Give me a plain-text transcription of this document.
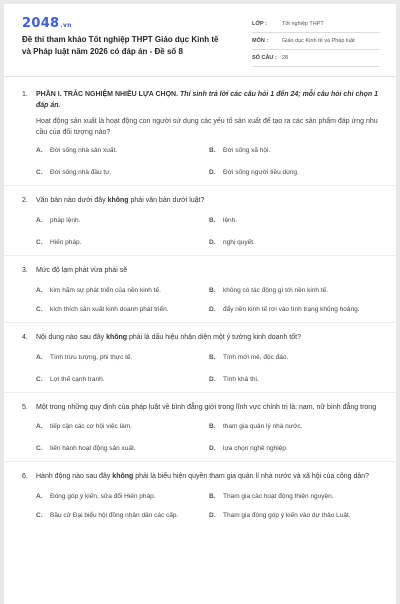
2048.vn
Đề thi tham khảo Tốt nghiệp THPT Giáo dục Kinh tế và Pháp luật năm 2026 có đáp án - Đề số 8
LỚP :	Tốt nghiệp THPT
MÔN :	Giáo dục Kinh tế và Pháp luật
SỐ CÂU : 28
1.	PHẦN I. TRẮC NGHIỆM NHIỀU LỰA CHỌN. Thí sinh trả lời các câu hỏi 1 đến 24; mỗi câu hỏi chỉ chọn 1 đáp án.
Hoạt động sản xuất là hoạt động con người sử dụng các yếu tố sản xuất để tạo ra các sản phẩm đáp ứng nhu cầu của đối tượng nào?
A.	Đời sống nhà sản xuất.	B.	Đời sống xã hội.
C.	Đời sống nhà đầu tư.	D.	Đời sống người tiêu dùng.
2.	Văn bản nào dưới đây không phải văn bản dưới luật?
A.	pháp lệnh.	B.	lệnh.
C.	Hiến pháp.	D.	nghị quyết.
3.	Mức độ lạm phát vừa phải sẽ
A.	kìm hãm sự phát triển của nền kinh tế.	B.	không có tác động gì tới nền kinh tế.
C.	kích thích sản xuất kinh doanh phát triển.	D.	đẩy nền kinh tế rơi vào tình trạng khủng hoảng.
4.	Nội dung nào sau đây không phải là dấu hiệu nhận diện một ý tưởng kinh doanh tốt?
A.	Tính trừu tượng, phi thực tế.	B.	Tính mới mẻ, độc đáo.
C.	Lợi thế cạnh tranh.	D.	Tính khả thi.
5.	Một trong những quy định của pháp luật về bình đẳng giới trong lĩnh vực chính trị là: nam, nữ bình đẳng trong
A.	tiếp cận các cơ hội việc làm.	B.	tham gia quản lý nhà nước.
C.	tiến hành hoạt động sản xuất.	D.	lựa chọn nghề nghiệp.
6.	Hành động nào sau đây không phải là biểu hiện quyền tham gia quản lí nhà nước và xã hội của công dân?
A.	Đóng góp ý kiến, sửa đổi Hiến pháp.	B.	Tham gia các hoạt động thiện nguyện.
C.	Bầu cử Đại biểu hội đồng nhân dân các cấp.	D.	Tham gia đóng góp ý kiến vào dự thảo Luật.
